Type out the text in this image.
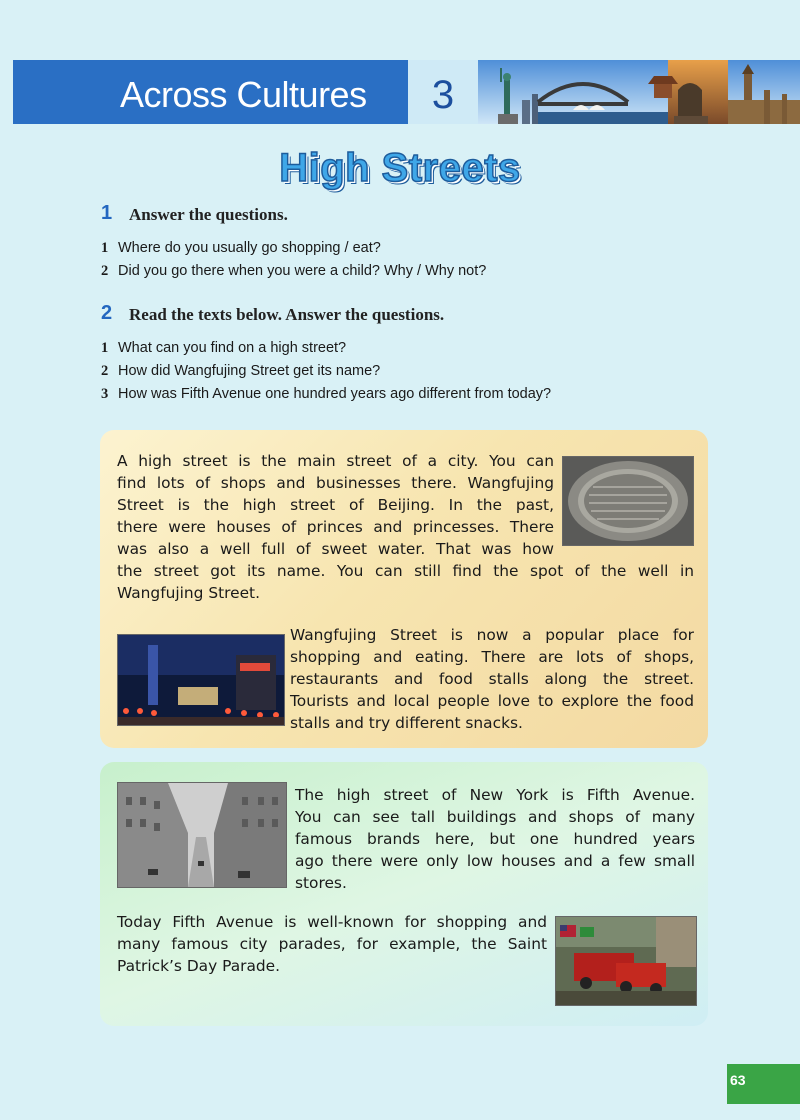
Across Cultures	3
High Streets
1 Answer the questions.
1 Where do you usually go shopping / eat?
2 Did you go there when you were a child? Why / Why not?
2 Read the texts below. Answer the questions.
1 What can you find on a high street?
2 How did Wangfujing Street get its name?
3 How was Fifth Avenue one hundred years ago different from today?
A high street is the main street of a city. You can
find lots of shops and businesses there. Wangfujing
Street is the high street of Beijing. In the past,
there were houses of princes and princesses. There
was also a well full of sweet water. That was how
the street got its name. You can still find the spot of the well in
Wangfujing Street.
Wangfujing Street is now a popular place for
shopping and eating. There are lots of shops,
restaurants and food stalls along the street.
Tourists and local people love to explore the food
stalls and try different snacks.
The high street of New York is Fifth Avenue.
You can see tall buildings and shops of many
famous brands here, but one hundred years
ago there were only low houses and a few small
stores.
Today Fifth Avenue is well-known for shopping and
many famous city parades, for example, the Saint
Patrick’s Day Parade.
63
